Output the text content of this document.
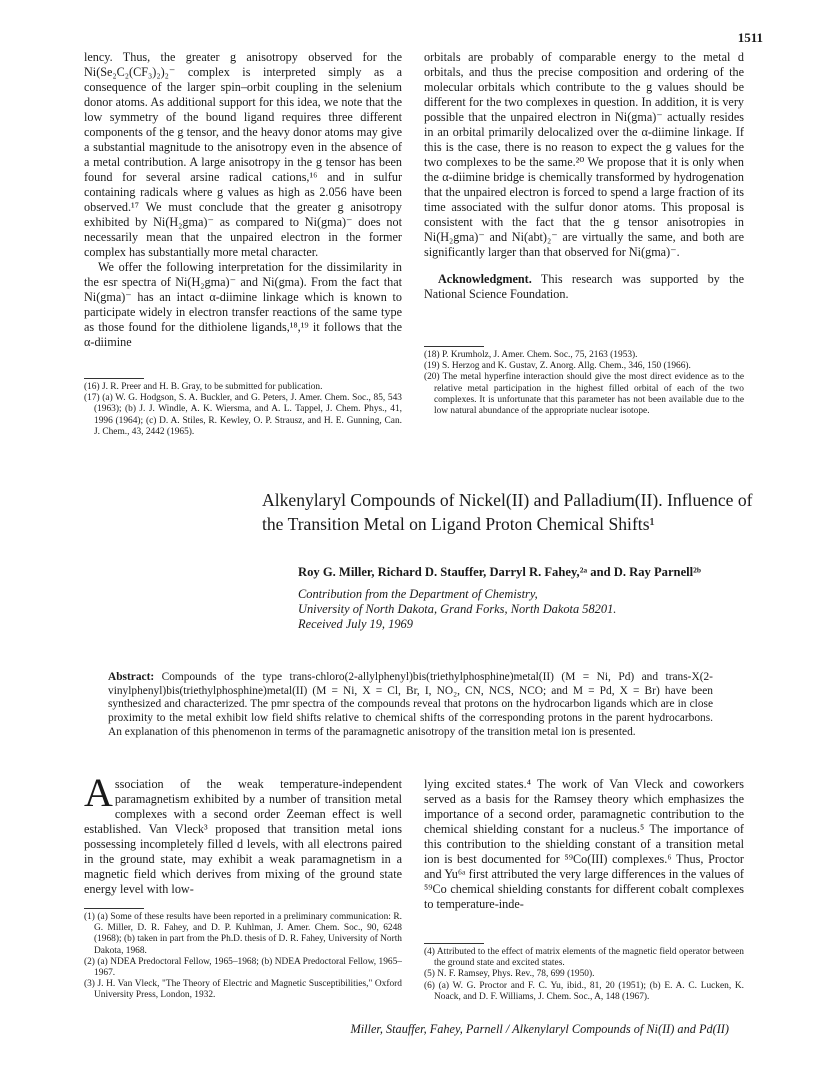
1511

lency. Thus, the greater g anisotropy observed for the Ni(Se₂C₂(CF₃)₂)₂⁻ complex is interpreted simply as a consequence of the larger spin–orbit coupling in the selenium donor atoms. As additional support for this idea, we note that the low symmetry of the bound ligand requires three different components of the g tensor, and the heavy donor atoms may give a substantial magnitude to the anisotropy even in the absence of a metal contribution. A large anisotropy in the g tensor has been found for several arsine radical cations,¹⁶ and in sulfur containing radicals where g values as high as 2.056 have been observed.¹⁷ We must conclude that the greater g anisotropy exhibited by Ni(H₂gma)⁻ as compared to Ni(gma)⁻ does not necessarily mean that the unpaired electron in the former complex has substantially more metal character.

We offer the following interpretation for the dissimilarity in the esr spectra of Ni(H₂gma)⁻ and Ni(gma). From the fact that Ni(gma)⁻ has an intact α-diimine linkage which is known to participate widely in electron transfer reactions of the same type as those found for the dithiolene ligands,¹⁸,¹⁹ it follows that the α-diimine

(16) J. R. Preer and H. B. Gray, to be submitted for publication.

(17) (a) W. G. Hodgson, S. A. Buckler, and G. Peters, J. Amer. Chem. Soc., 85, 543 (1963); (b) J. J. Windle, A. K. Wiersma, and A. L. Tappel, J. Chem. Phys., 41, 1996 (1964); (c) D. A. Stiles, R. Kewley, O. P. Strausz, and H. E. Gunning, Can. J. Chem., 43, 2442 (1965).

orbitals are probably of comparable energy to the metal d orbitals, and thus the precise composition and ordering of the molecular orbitals which contribute to the g values should be different for the two complexes in question. In addition, it is very possible that the unpaired electron in Ni(gma)⁻ actually resides in an orbital primarily delocalized over the α-diimine linkage. If this is the case, there is no reason to expect the g values for the two complexes to be the same.²⁰ We propose that it is only when the α-diimine bridge is chemically transformed by hydrogenation that the unpaired electron is forced to spend a large fraction of its time associated with the sulfur donor atoms. This proposal is consistent with the fact that the g tensor anisotropies in Ni(H₂gma)⁻ and Ni(abt)₂⁻ are virtually the same, and both are significantly larger than that observed for Ni(gma)⁻.

Acknowledgment. This research was supported by the National Science Foundation.

(18) P. Krumholz, J. Amer. Chem. Soc., 75, 2163 (1953).

(19) S. Herzog and K. Gustav, Z. Anorg. Allg. Chem., 346, 150 (1966).

(20) The metal hyperfine interaction should give the most direct evidence as to the relative metal participation in the highest filled orbital of each of the two complexes. It is unfortunate that this parameter has not been available due to the low natural abundance of the appropriate nuclear isotope.

Alkenylaryl Compounds of Nickel(II) and Palladium(II). Influence of the Transition Metal on Ligand Proton Chemical Shifts¹
Roy G. Miller, Richard D. Stauffer, Darryl R. Fahey,²ᵃ and D. Ray Parnell²ᵇ
Contribution from the Department of Chemistry,
University of North Dakota, Grand Forks, North Dakota 58201.
Received July 19, 1969
Abstract: Compounds of the type trans-chloro(2-allylphenyl)bis(triethylphosphine)metal(II) (M = Ni, Pd) and trans-X(2-vinylphenyl)bis(triethylphosphine)metal(II) (M = Ni, X = Cl, Br, I, NO₂, CN, NCS, NCO; and M = Pd, X = Br) have been synthesized and characterized. The pmr spectra of the compounds reveal that protons on the hydrocarbon ligands which are in close proximity to the metal exhibit low field shifts relative to chemical shifts of the corresponding protons in the parent hydrocarbons. An explanation of this phenomenon in terms of the paramagnetic anisotropy of the transition metal ion is presented.
Association of the weak temperature-independent paramagnetism exhibited by a number of transition metal complexes with a second order Zeeman effect is well established. Van Vleck³ proposed that transition metal ions possessing incompletely filled d levels, with all electrons paired in the ground state, may exhibit a weak paramagnetism in a magnetic field which derives from mixing of the ground state energy level with low-

(1) (a) Some of these results have been reported in a preliminary communication: R. G. Miller, D. R. Fahey, and D. P. Kuhlman, J. Amer. Chem. Soc., 90, 6248 (1968); (b) taken in part from the Ph.D. thesis of D. R. Fahey, University of North Dakota, 1968.

(2) (a) NDEA Predoctoral Fellow, 1965–1968; (b) NDEA Predoctoral Fellow, 1965–1967.

(3) J. H. Van Vleck, "The Theory of Electric and Magnetic Susceptibilities," Oxford University Press, London, 1932.

lying excited states.⁴ The work of Van Vleck and coworkers served as a basis for the Ramsey theory which emphasizes the importance of a second order, paramagnetic contribution to the chemical shielding constant for a nucleus.⁵ The importance of this contribution to the shielding constant of a transition metal ion is best documented for ⁵⁹Co(III) complexes.⁶ Thus, Proctor and Yu⁶ᵃ first attributed the very large differences in the values of ⁵⁹Co chemical shielding constants for different cobalt complexes to temperature-inde-

(4) Attributed to the effect of matrix elements of the magnetic field operator between the ground state and excited states.

(5) N. F. Ramsey, Phys. Rev., 78, 699 (1950).

(6) (a) W. G. Proctor and F. C. Yu, ibid., 81, 20 (1951); (b) E. A. C. Lucken, K. Noack, and D. F. Williams, J. Chem. Soc., A, 148 (1967).

Miller, Stauffer, Fahey, Parnell / Alkenylaryl Compounds of Ni(II) and Pd(II)
